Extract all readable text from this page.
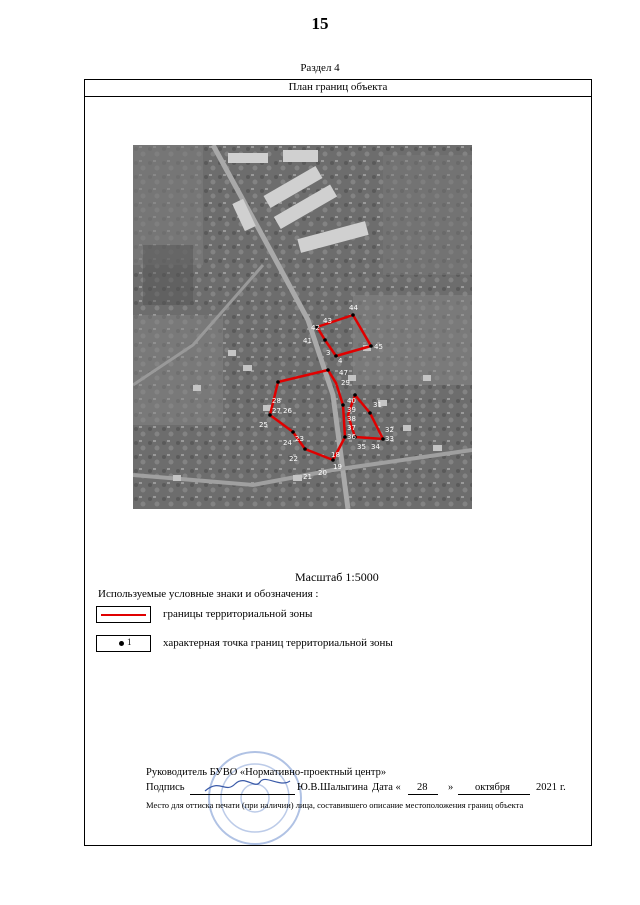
15
Раздел 4
План границ объекта
44
43
42
41
3
4
45
47
29
31
40
39
38
37
36
35 34
33
32
28
27 26
25
24 23
22
21 20
19
18
Масштаб 1:5000
Используемые условные знаки и обозначения :
границы территориальной зоны
1	характерная точка границ территориальной зоны
Руководитель БУВО «Нормативно-проектный центр»
Подпись	Ю.В.Шалыгина Дата « 28 » октября 2021 г.
Место для оттиска печати (при наличии) лица, составившего описание местоположения границ объекта
